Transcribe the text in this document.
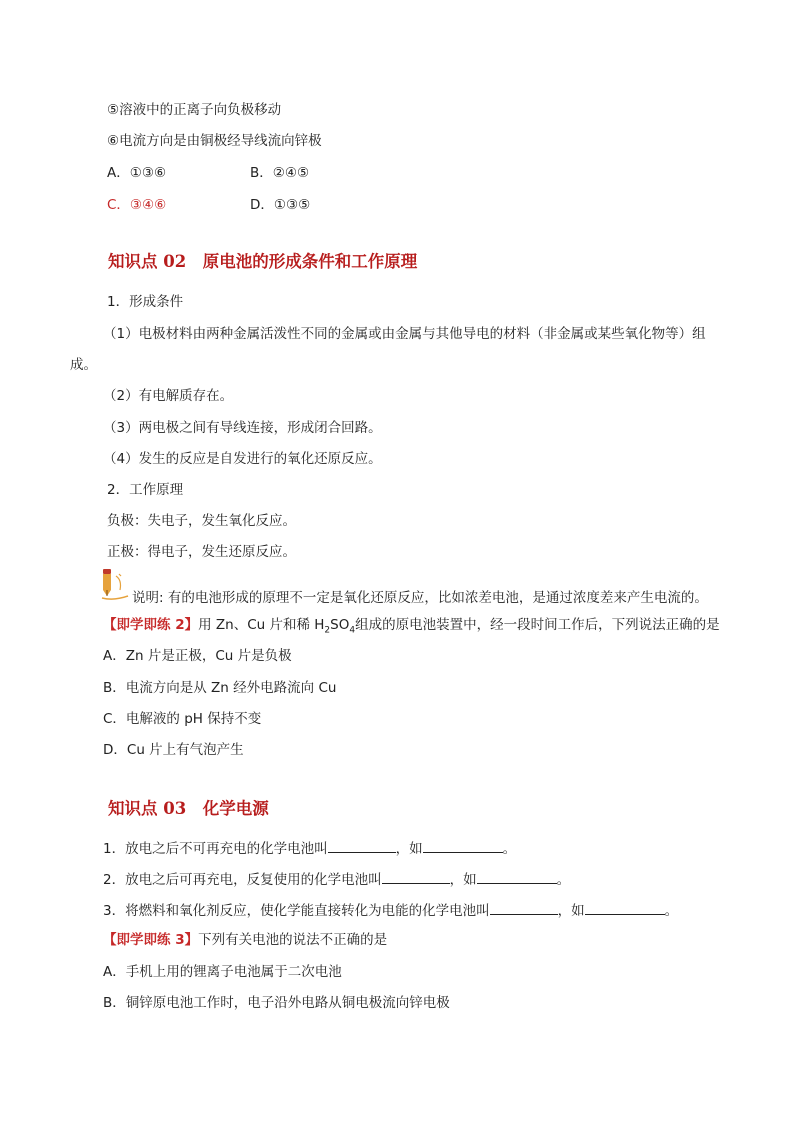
⑤溶液中的正离子向负极移动
⑥电流方向是由铜极经导线流向锌极
A．①③⑥	B．②④⑤
C．③④⑥	D．①③⑤
知识点 02　原电池的形成条件和工作原理
1．形成条件
（1）电极材料由两种金属活泼性不同的金属或由金属与其他导电的材料（非金属或某些氧化物等）组
成。
（2）有电解质存在。
（3）两电极之间有导线连接，形成闭合回路。
（4）发生的反应是自发进行的氧化还原反应。
2．工作原理
负极：失电子，发生氧化反应。
正极：得电子，发生还原反应。
说明: 有的电池形成的原理不一定是氧化还原反应，比如浓差电池，是通过浓度差来产生电流的。
【即学即练 2】用 Zn、Cu 片和稀 $H_2SO_4$组成的原电池装置中，经一段时间工作后，下列说法正确的是
A．Zn 片是正极，Cu 片是负极
B．电流方向是从 Zn 经外电路流向 Cu
C．电解液的 pH 保持不变
D．Cu 片上有气泡产生
知识点 03　化学电源
1．放电之后不可再充电的化学电池叫	，如	。
2．放电之后可再充电，反复使用的化学电池叫	，如	。
3．将燃料和氧化剂反应，使化学能直接转化为电能的化学电池叫	，如	。
【即学即练 3】下列有关电池的说法不正确的是
A．手机上用的锂离子电池属于二次电池
B．铜锌原电池工作时，电子沿外电路从铜电极流向锌电极
